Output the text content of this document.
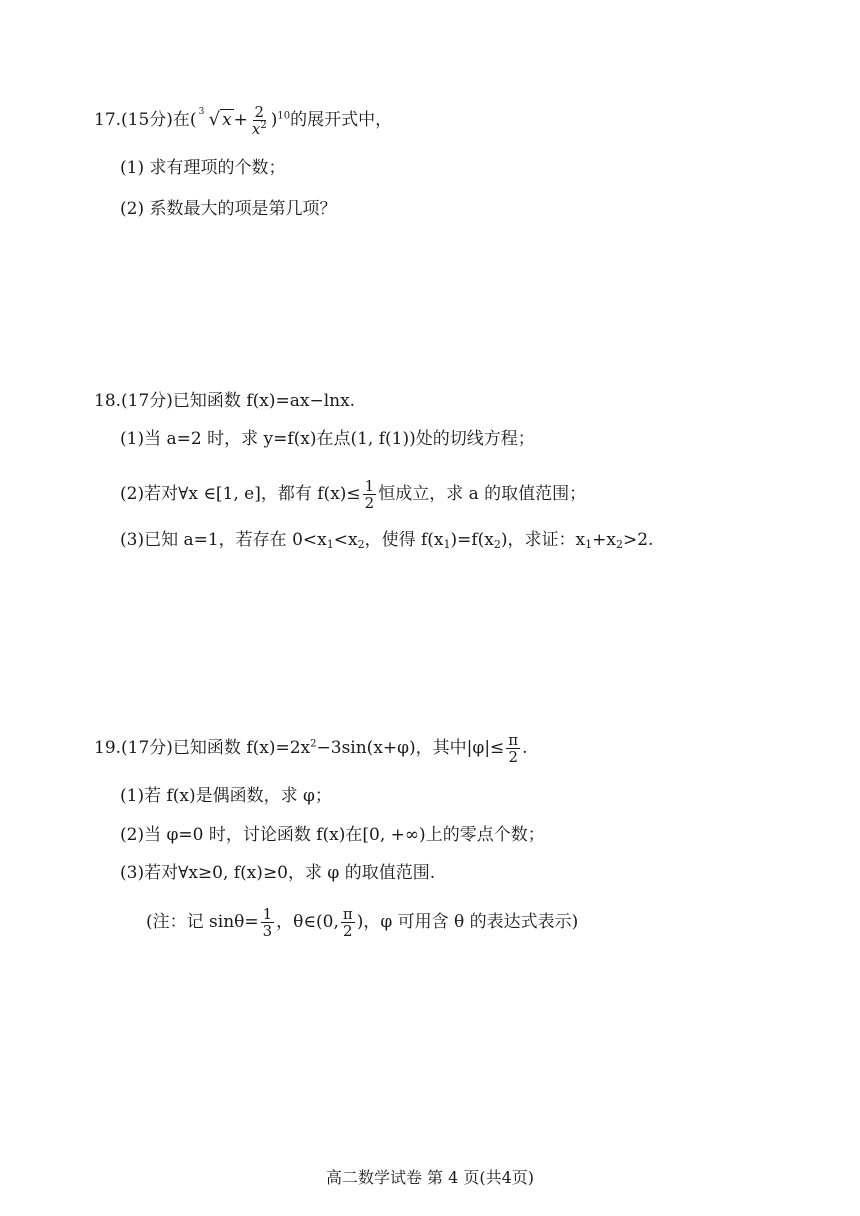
17.(15分)在( 3 √ $x + \frac{2}{x^2} )^{10}$的展开式中，
(1) 求有理项的个数；
(2) 系数最大的项是第几项？
18.(17分)已知函数 f(x)=ax−lnx.
(1)当 a=2 时，求 y=f(x)在点(1, f(1))处的切线方程；
(2)若对∀x ∈[1, e]，都有 $f(x)\le \frac{1}{2}$ 恒成立，求 a 的取值范围；
(3)已知 a=1，若存在 $0<x_1<x_2$，使得 $f(x_1)=f(x_2)$，求证：$x_1+x_2>2$.
19.(17分)已知函数 $f(x)=2x^2-3\sin(x+\varphi)$，其中$|\varphi|\le \frac{\pi}{2}$ .
(1)若 f(x)是偶函数，求 φ；
(2)当 φ=0 时，讨论函数 f(x)在[0, +∞)上的零点个数；
(3)若对∀x≥0, f(x)≥0，求 φ 的取值范围.
(注：记 $\sin\theta= \frac{1}{3}$ ，θ∈(0, $\frac{\pi}{2}$ )，φ 可用含 θ 的表达式表示)
高二数学试卷 第 4 页(共4页)
